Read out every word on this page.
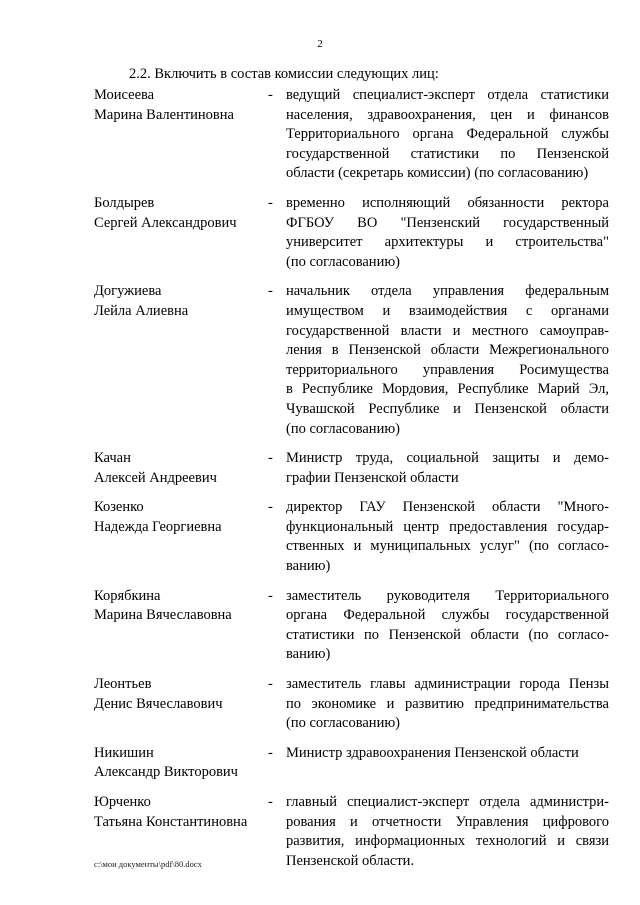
2
2.2. Включить в состав комиссии следующих лиц:
Моисеева
Марина Валентиновна
- ведущий специалист-эксперт отдела статистики
населения, здравоохранения, цен и финансов
Территориального органа Федеральной службы
государственной статистики по Пензенской
области (секретарь комиссии) (по согласованию)
Болдырев
Сергей Александрович
- временно исполняющий обязанности ректора
ФГБОУ ВО "Пензенский государственный
университет архитектуры и строительства"
(по согласованию)
Догужиева
Лейла Алиевна
- начальник отдела управления федеральным
имуществом и взаимодействия с органами
государственной власти и местного самоуправ-
ления в Пензенской области Межрегионального
территориального управления Росимущества
в Республике Мордовия, Республике Марий Эл,
Чувашской Республике и Пензенской области
(по согласованию)
Качан
Алексей Андреевич
- Министр труда, социальной защиты и демо-
графии Пензенской области
Козенко
Надежда Георгиевна
- директор ГАУ Пензенской области "Много-
функциональный центр предоставления государ-
ственных и муниципальных услуг" (по согласо-
ванию)
Корябкина
Марина Вячеславовна
- заместитель руководителя Территориального
органа Федеральной службы государственной
статистики по Пензенской области (по согласо-
ванию)
Леонтьев
Денис Вячеславович
- заместитель главы администрации города Пензы
по экономике и развитию предпринимательства
(по согласованию)
Никишин
Александр Викторович
- Министр здравоохранения Пензенской области
Юрченко
Татьяна Константиновна
- главный специалист-эксперт отдела администри-
рования и отчетности Управления цифрового
развития, информационных технологий и связи
Пензенской области.
c:\мои документы\pdf\80.docx
